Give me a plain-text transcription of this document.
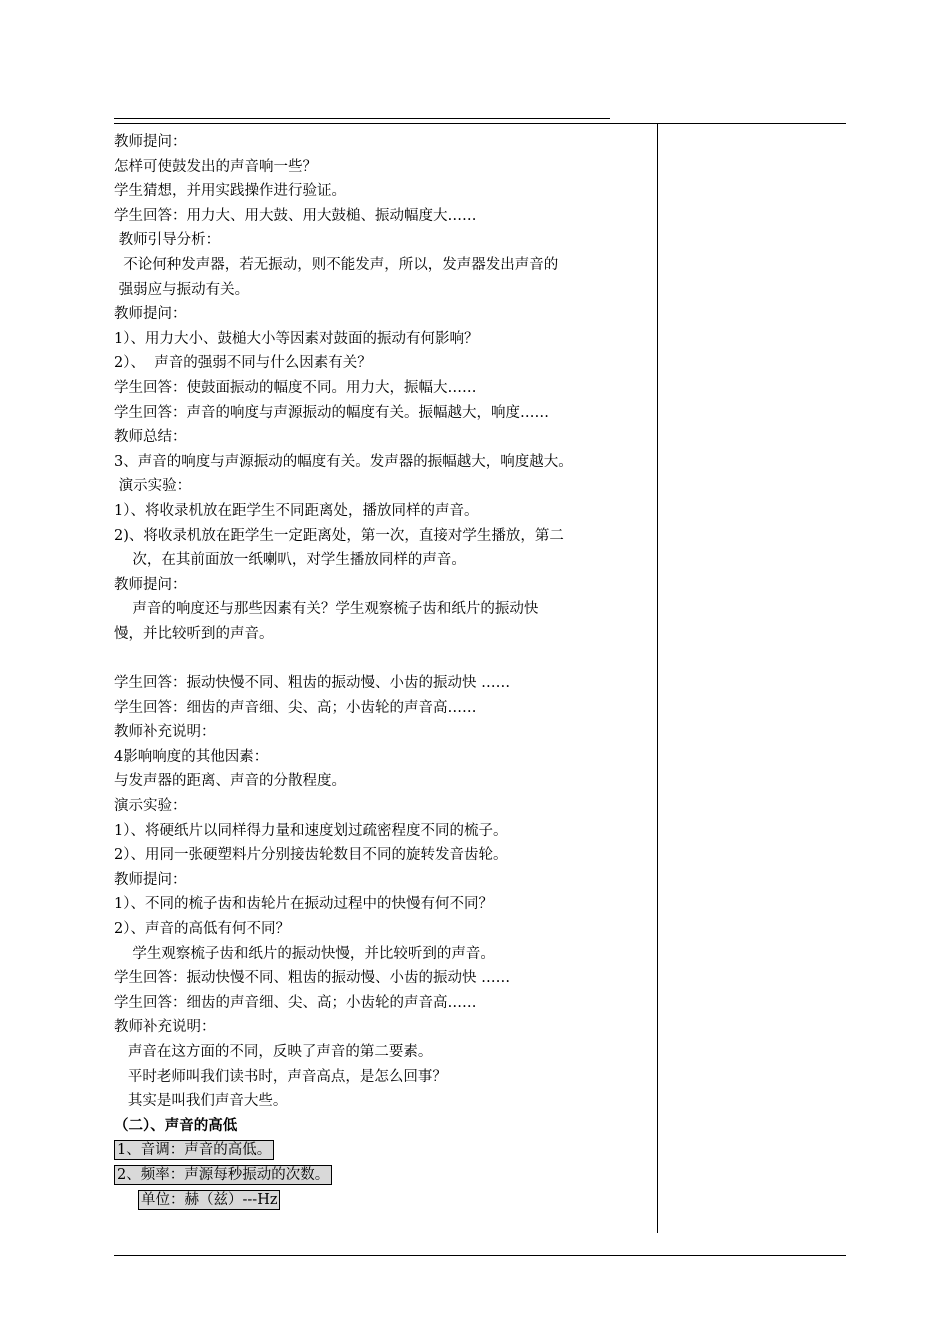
教师提问：
怎样可使鼓发出的声音响一些？
学生猜想，并用实践操作进行验证。
学生回答：用力大、用大鼓、用大鼓槌、振动幅度大……
教师引导分析：
不论何种发声器，若无振动，则不能发声，所以，发声器发出声音的
强弱应与振动有关。
教师提问：
1）、用力大小、鼓槌大小等因素对鼓面的振动有何影响？
2）、  声音的强弱不同与什么因素有关？
学生回答：使鼓面振动的幅度不同。用力大，振幅大……
学生回答：声音的响度与声源振动的幅度有关。振幅越大，响度……
教师总结：
3、声音的响度与声源振动的幅度有关。发声器的振幅越大，响度越大。
演示实验：
1）、将收录机放在距学生不同距离处，播放同样的声音。
2)、将收录机放在距学生一定距离处，第一次，直接对学生播放，第二
次，在其前面放一纸喇叭，对学生播放同样的声音。
教师提问：
声音的响度还与那些因素有关？学生观察梳子齿和纸片的振动快
慢，并比较听到的声音。
学生回答：振动快慢不同、粗齿的振动慢、小齿的振动快 ……
学生回答：细齿的声音细、尖、高；小齿轮的声音高……
教师补充说明：
4影响响度的其他因素：
与发声器的距离、声音的分散程度。
演示实验：
1）、将硬纸片以同样得力量和速度划过疏密程度不同的梳子。
2）、用同一张硬塑料片分别接齿轮数目不同的旋转发音齿轮。
教师提问：
1）、不同的梳子齿和齿轮片在振动过程中的快慢有何不同？
2）、声音的高低有何不同？
学生观察梳子齿和纸片的振动快慢，并比较听到的声音。
学生回答：振动快慢不同、粗齿的振动慢、小齿的振动快 ……
学生回答：细齿的声音细、尖、高；小齿轮的声音高……
教师补充说明：
声音在这方面的不同，反映了声音的第二要素。
平时老师叫我们读书时，声音高点，是怎么回事？
其实是叫我们声音大些。
（二）、声音的高低
1、音调：声音的高低。
2、频率：声源每秒振动的次数。
单位：赫（兹）---Hz
